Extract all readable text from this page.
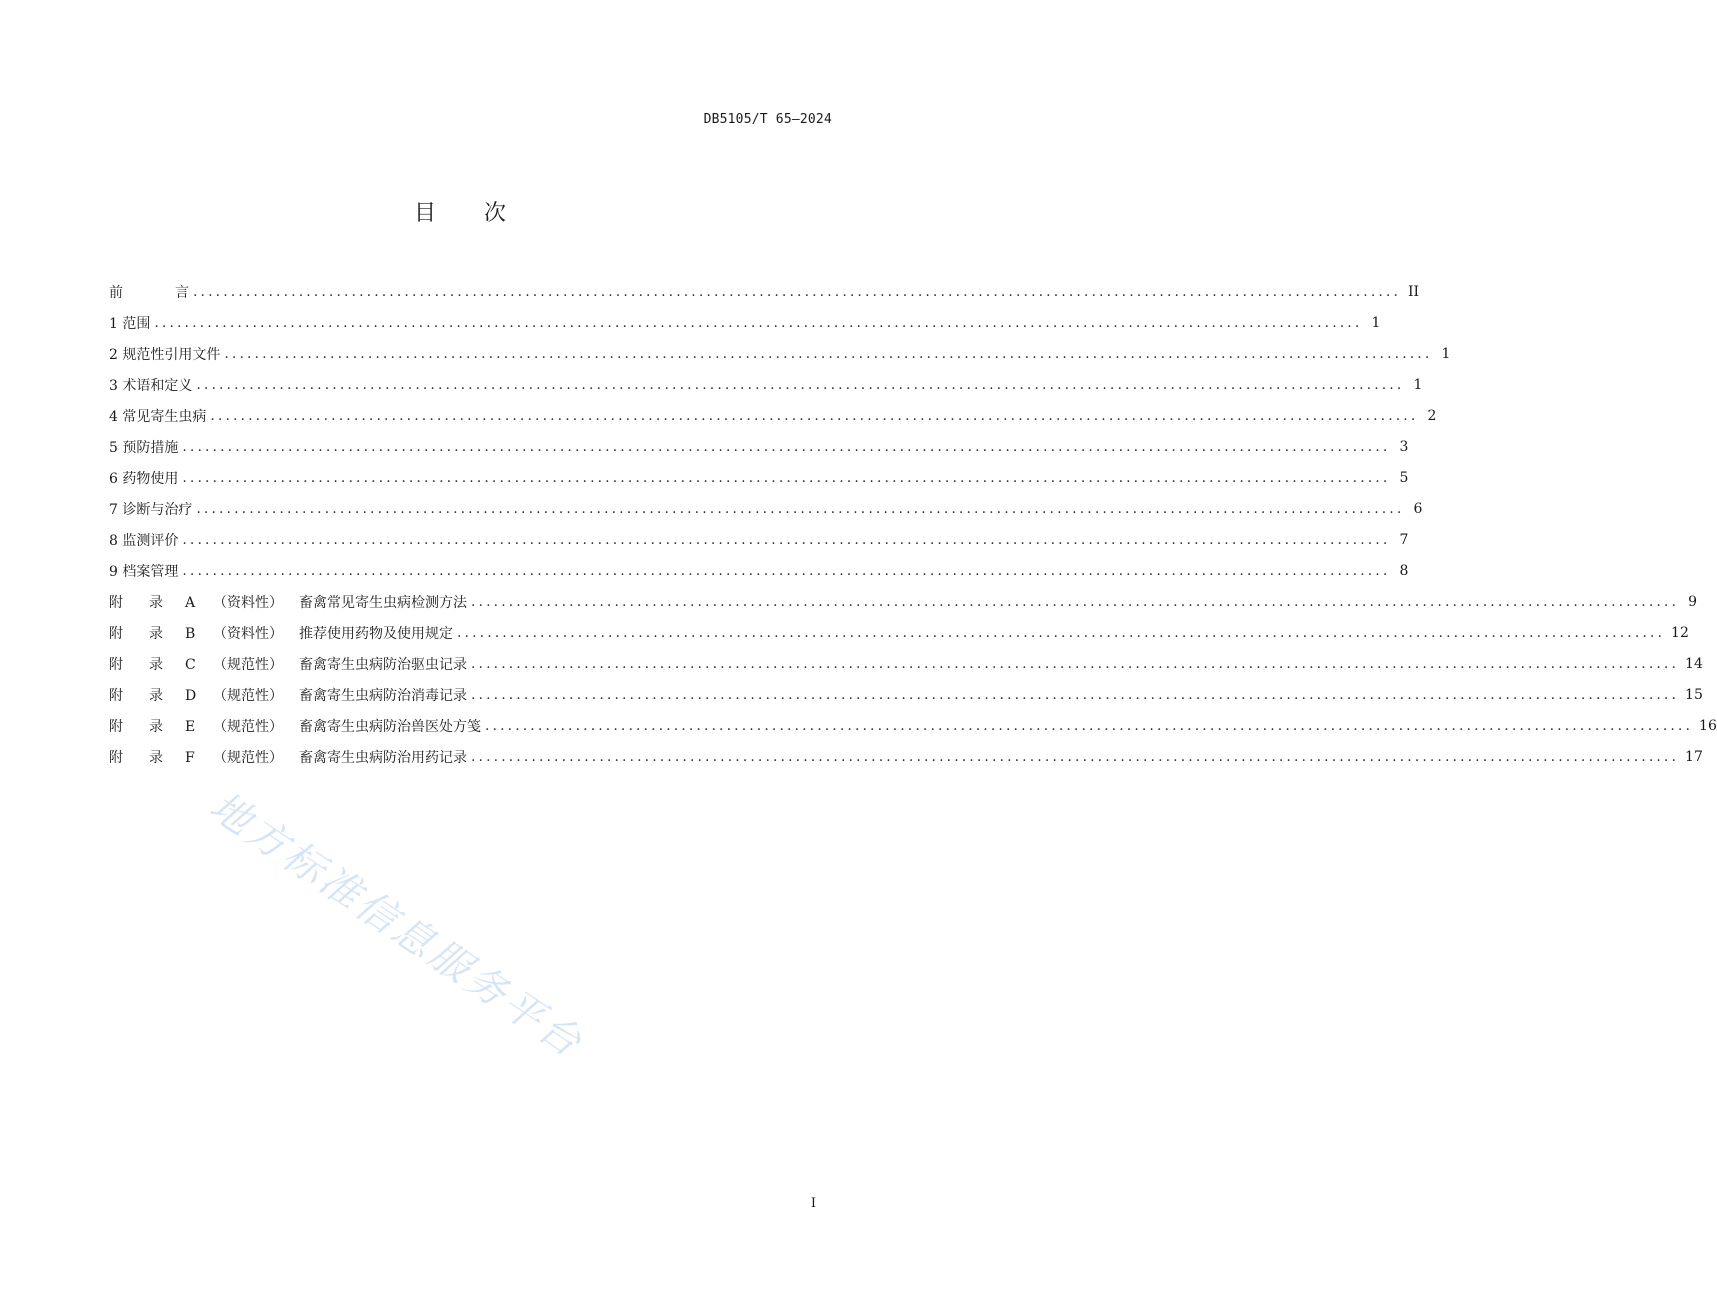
DB5105/T 65—2024
目次
前	言 ................................................................................................................................................................ II
1 范围 ................................................................................................................................................................ 1
2 规范性引用文件 ................................................................................................................................................................ 1
3 术语和定义 ................................................................................................................................................................ 1
4 常见寄生虫病 ................................................................................................................................................................ 2
5 预防措施 ................................................................................................................................................................ 3
6 药物使用 ................................................................................................................................................................ 5
7 诊断与治疗 ................................................................................................................................................................ 6
8 监测评价 ................................................................................................................................................................ 7
9 档案管理 ................................................................................................................................................................ 8
附 录 A （资料性） 畜禽常见寄生虫病检测方法 ................................................................................................................................................................ 9
附 录 B （资料性） 推荐使用药物及使用规定 ................................................................................................................................................................ 12
附 录 C （规范性） 畜禽寄生虫病防治驱虫记录 ................................................................................................................................................................ 14
附 录 D （规范性） 畜禽寄生虫病防治消毒记录 ................................................................................................................................................................ 15
附 录 E （规范性） 畜禽寄生虫病防治兽医处方笺 ................................................................................................................................................................ 16
附 录 F （规范性） 畜禽寄生虫病防治用药记录 ................................................................................................................................................................ 17
地方标准信息服务平台
I
